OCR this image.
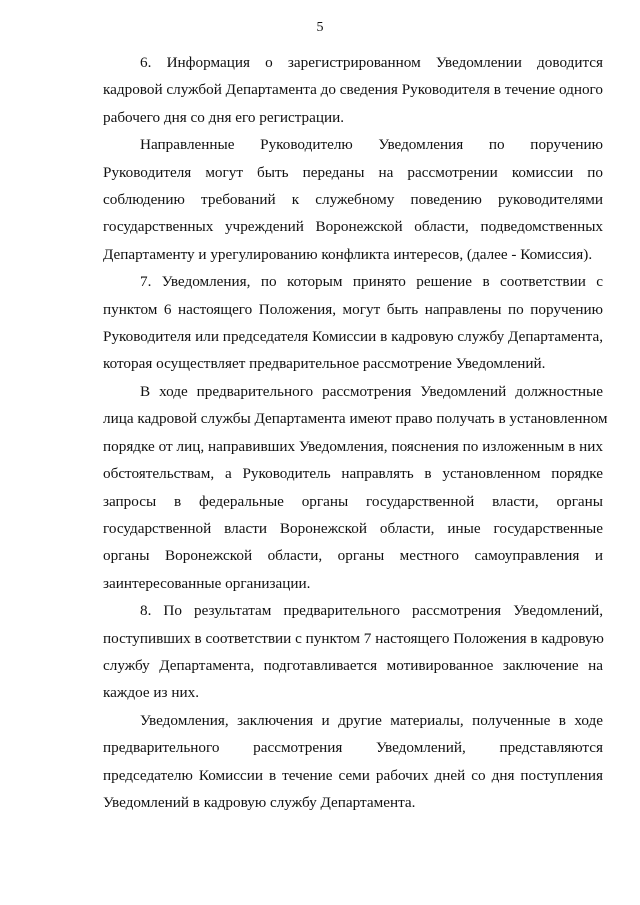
5

6. Информация о зарегистрированном Уведомлении доводится
кадровой службой Департамента до сведения Руководителя в течение одного
рабочего дня со дня его регистрации.

Направленные Руководителю Уведомления по поручению
Руководителя могут быть переданы на рассмотрении комиссии по
соблюдению требований к служебному поведению руководителями
государственных учреждений Воронежской области, подведомственных
Департаменту и урегулированию конфликта интересов, (далее - Комиссия).

7. Уведомления, по которым принято решение в соответствии с
пунктом 6 настоящего Положения, могут быть направлены по поручению
Руководителя или председателя Комиссии в кадровую службу Департамента,
которая осуществляет предварительное рассмотрение Уведомлений.

В ходе предварительного рассмотрения Уведомлений должностные
лица кадровой службы Департамента имеют право получать в установленном
порядке от лиц, направивших Уведомления, пояснения по изложенным в них
обстоятельствам, а Руководитель направлять в установленном порядке
запросы в федеральные органы государственной власти, органы
государственной власти Воронежской области, иные государственные
органы Воронежской области, органы местного самоуправления и
заинтересованные организации.

8. По результатам предварительного рассмотрения Уведомлений,
поступивших в соответствии с пунктом 7 настоящего Положения в кадровую
службу Департамента, подготавливается мотивированное заключение на
каждое из них.

Уведомления, заключения и другие материалы, полученные в ходе
предварительного рассмотрения Уведомлений, представляются
председателю Комиссии в течение семи рабочих дней со дня поступления
Уведомлений в кадровую службу Департамента.
